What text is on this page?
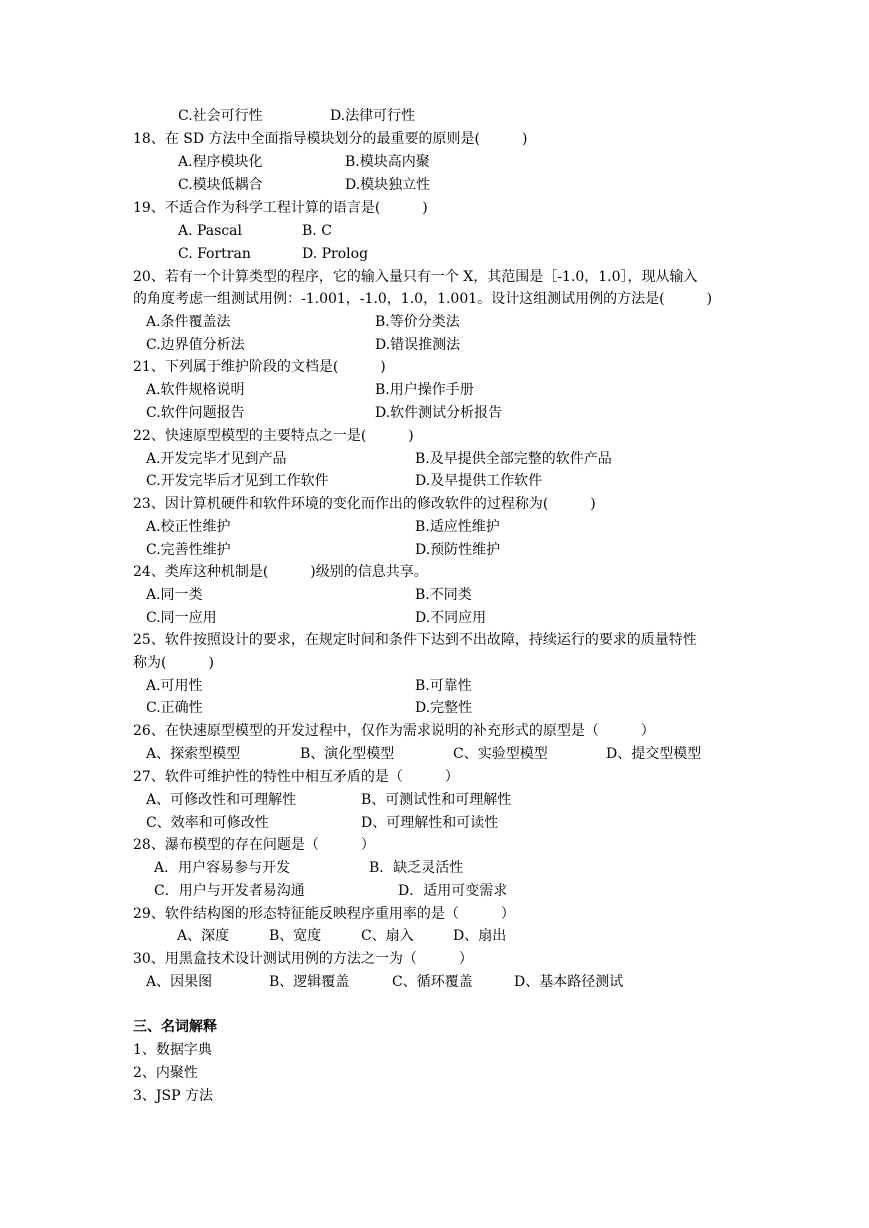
C.社会可行性	D.法律可行性
18、在 SD 方法中全面指导模块划分的最重要的原则是(　　　)
A.程序模块化	B.模块高内聚
C.模块低耦合	D.模块独立性
19、不适合作为科学工程计算的语言是(　　　)
A. Pascal	B. C
C. Fortran	D. Prolog
20、若有一个计算类型的程序，它的输入量只有一个 X，其范围是［-1.0，1.0］，现从输入
的角度考虑一组测试用例：-1.001，-1.0，1.0，1.001。设计这组测试用例的方法是(　　　)
A.条件覆盖法	B.等价分类法
C.边界值分析法	D.错误推测法
21、下列属于维护阶段的文档是(　　　)
A.软件规格说明	B.用户操作手册
C.软件问题报告	D.软件测试分析报告
22、快速原型模型的主要特点之一是(　　　)
A.开发完毕才见到产品	B.及早提供全部完整的软件产品
C.开发完毕后才见到工作软件	D.及早提供工作软件
23、因计算机硬件和软件环境的变化而作出的修改软件的过程称为(　　　)
A.校正性维护	B.适应性维护
C.完善性维护	D.预防性维护
24、类库这种机制是(　　　)级别的信息共享。
A.同一类	B.不同类
C.同一应用	D.不同应用
25、软件按照设计的要求，在规定时间和条件下达到不出故障，持续运行的要求的质量特性
称为(　　　)
A.可用性	B.可靠性
C.正确性	D.完整性
26、在快速原型模型的开发过程中，仅作为需求说明的补充形式的原型是（　　　）
A、探索型模型	B、演化型模型	C、实验型模型	D、提交型模型
27、软件可维护性的特性中相互矛盾的是（　　　）
A、可修改性和可理解性	B、可测试性和可理解性
C、效率和可修改性	D、可理解性和可读性
28、瀑布模型的存在问题是（　　　）
A．用户容易参与开发	B．缺乏灵活性
C．用户与开发者易沟通	D．适用可变需求
29、软件结构图的形态特征能反映程序重用率的是（　　　）
A、深度	B、宽度	C、扇入	D、扇出
30、用黑盒技术设计测试用例的方法之一为（　　　）
A、因果图	B、逻辑覆盖	C、循环覆盖	D、基本路径测试
三、名词解释
1、数据字典
2、内聚性
3、JSP 方法
